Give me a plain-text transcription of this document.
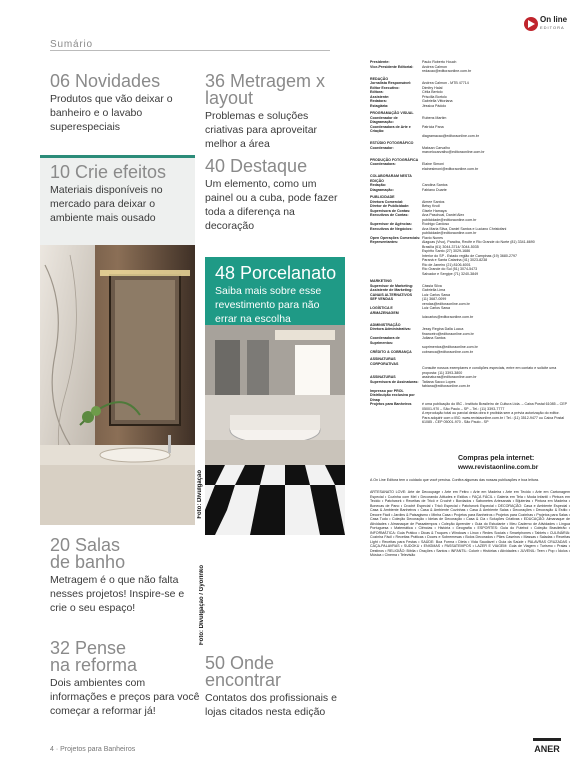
Sumário
06 Novidades
Produtos que vão deixar o banheiro e o lavabo superespeciais
36 Metragem x layout
Problemas e soluções criativas para aproveitar melhor a área
10 Crie efeitos
Materiais disponíveis no mercado para deixar o ambiente mais ousado
40 Destaque
Um elemento, como um painel ou a cuba, pode fazer toda a diferença na decoração
48 Porcelanato
Saiba mais sobre esse revestimento para não errar na escolha
Foto: Divulgação
Foto: Divulgação / Gyorinko
20 Salas de banho
Metragem é o que não falta nesses projetos! Inspire-se e crie o seu espaço!
32 Pense na reforma
Dois ambientes com informações e preços para você começar a reformar já!
50 Onde encontrar
Contatos dos profissionais e lojas citados nesta edição
4 · Projetos para Banheiros
On line
EDITORA
Presidente:	Paulo Roberto Houch
Vice-Presidente Editorial:	Andrea Calmon
redacao@editoraonline.com.br
REDAÇÃO
Jornalista Responsável:	Andrea Calmon - MTB 47714
Editor Executivo:	Dimitry Halal
Editora:	Célia Bertolo
Assistente:	Priscilla Bortolo
Redatora:	Gabriella Vittoriana
Estagiária:	Jéssica Pádolo
PROGRAMAÇÃO VISUAL
Coordenador de Diagramação:
Rubens Martim
Coordenadora de Arte e Criação:
Patrícia Pana
diagramacao@editoraonline.com.br
ESTÚDIO FOTOGRÁFICO
Coordenador:	Maksan Carvalho
marcelocarvalho@editoraonline.com.br
PRODUÇÃO FOTOGRÁFICA
Coordenadora:	Elaine Simoni
elainesimoni@editoraonline.com.br
COLABORARAM NESTA EDIÇÃO
Redação:	Carolina Santos
Diagramação:	Fabiano Duarte
PUBLICIDADE
Diretora Comercial:	Aimee Santos
Diretor de Publicidade:	Betsy Knoll
Supervisora de Contas:	Gisele Hamaya
Executivos de Contas:	Ana Paschoal, Daniel Alex
publicidade@editoraonline.com.br
Supervisor de Agências:	Rodrigo Cardoso
Executivos de Negócios:	Ana Maria Silva, Daniel Santos e Luciano Christofani
publicidade@editoraonline.com.br
Open Operações Comerciais: Flavio Nunes
Representantes:	Alagoas (Vivo), Paraíba, Recife e Rio Grande do Norte (81) 3341-6690
Brasília (61) 3044-3714/ 3044-5035
Espírito Santo (27) 3029-1686
Interior do SP - Estado região de Campinas (19) 3680-2797
Paraná e Santa Catarina (41) 3023-8238
Rio de Janeiro (21) 8106-6001
Rio Grande do Sul (51) 3074-5473
Salvador e Sergipe (71) 3240-3849
MARKETING
Supervisor de Marketing:	Cássia Silva
Assistente de Marketing:	Gabriella Lima
CANAIS ALTERNATIVOS	Luiz Carlos Sawa
SEF VENDAS	(11) 3687-0099
vendas@editoraonline.com.br
LOGÍSTICA E ARMAZENAGEM
Luiz Carlos Sawa
luizcarlos@editoraonline.com.br
ADMINISTRAÇÃO
Diretora Administrativa:	Jessy Regina Dalla Lucca
financeiro@editoraonline.com.br
Coordenadora de Suprimentos:
Juliana Santos
suprimentos@editoraonline.com.br
CRÉDITO & COBRANÇA	cobranca@editoraonline.com.br
ASSINATURAS CORPORATIVAS
Consulte nossos exemplares e condições especiais, entre em contato e solicite uma proposta: (11) 3393-3800
ASSINATURAS	assinaturas@editoraonline.com.br
Supervisora de Assinaturas: Tatiana Sacco Lopes
fabiana@editoraonline.com.br
Impresso por PROL
Distribuição exclusiva por Dinap
Projetos para Banheiros	é uma publicação do IBC - Instituto Brasileiro de Cultura Ltda. – Caixa Postal 61085 – CEP 05001-970 – São Paulo – SP – Tel.: (11) 3393-7777
A reprodução total ou parcial desta obra é proibida sem a prévia autorização do editor.
Para adquirir com o IBC: www.revistaonline.com.br / Tel.: (11) 3512-9477 ou Caixa Postal 61085 - CEP 05001-970 - São Paulo - SP
Compras pela internet:
www.revistaonline.com.br
A On Line Editora tem o cuidado que você precisa. Confira algumas das nossas publicações e boa leitura.
ARTESANATO LOVE: Arte de Decoupage • Arte em Feltro • Arte em Madeira • Arte em Tecido • Arte em Cartonagem Especial • Cozinha com Mel • Decorando Atitudes e Estilos • FAÇA FÁCIL • Galeria em Tela • Moda Infantil • Pintura em Tecido • Patchwork • Receitas de Tricô e Crochê • Bordados • Sabonetes Artesanais • Bijuterias • Pintura em Madeira • Bonecas de Pano • Crochê Especial • Tricô Especial • Patchwork Especial • DECORAÇÃO: Casa e Ambiente Especial • Casa & Ambiente Banheiros • Casa & Ambiente Cozinhas • Casa & Ambiente Salas • Decorações • Decoração & Estilo • Decore Fácil • Jardins & Paisagismo • Minha Casa • Projetos para Banheiros • Projetos para Cozinhas • Projetos para Salas • Casa Tudo • Coleção Decoração • Ideias de Decoração • Casa & Cia • Soluções Criativas • EDUCAÇÃO: Almanaque de Atividades • Almanaque de Passatempos • Coleção Aprender • Guia do Estudante • Meu Caderno de Atividades • Língua Portuguesa • Matemática • Ciências • História • Geografia • ESPORTES: Guia do Futebol • Coleção Brasileirão • INFORMÁTICA: Guia Prático • Dicas & Truques • Windows • Linux • Redes Sociais • Smartphones • Tablets • CULINÁRIA: Cozinha Fácil • Receitas Práticas • Doces e Sobremesas • Bolos Decorados • Pães Caseiros • Massas • Saladas • Receitas Light • Receitas para Festas • SAÚDE: Boa Forma • Dieta • Vida Saudável • Guia da Saúde • PALAVRAS CRUZADAS • CAÇA-PALAVRAS • SUDOKU • ENIGMAS • PASSATEMPOS • LAZER E VIAGEM: Guia de Viagem • Turismo • Praias • Destinos • RELIGIÃO: Bíblia • Orações • Santos • INFANTIL: Colorir • Histórias • Atividades • JUVENIL: Teen • Pop • Ídolos • Música • Cinema • Televisão
ANER
